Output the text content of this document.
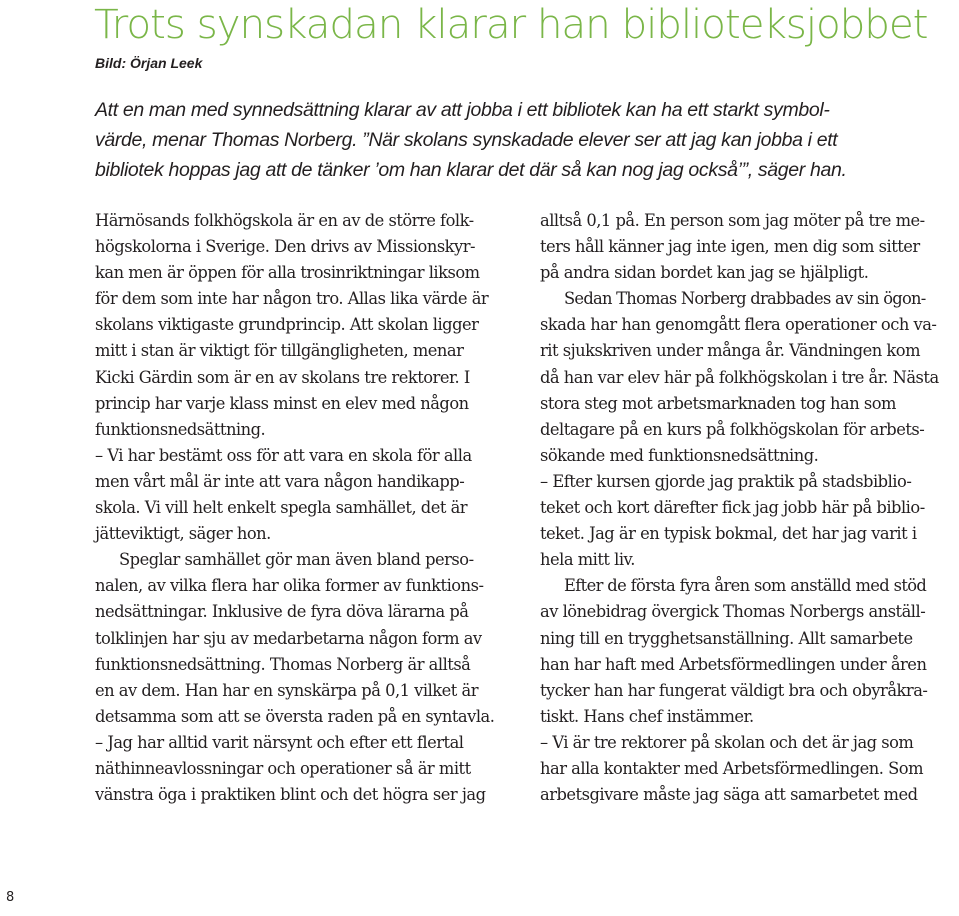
Trots synskadan klarar han biblioteksjobbet
Bild: Örjan Leek
Att en man med synnedsättning klarar av att jobba i ett bibliotek kan ha ett starkt symbol-
värde, menar Thomas Norberg. ”När skolans synskadade elever ser att jag kan jobba i ett
bibliotek hoppas jag att de tänker ’om han klarar det där så kan nog jag också’”, säger han.
Härnösands folkhögskola är en av de större folk-
högskolorna i Sverige. Den drivs av Missionskyr-
kan men är öppen för alla trosinriktningar liksom
för dem som inte har någon tro. Allas lika värde är
skolans viktigaste grundprincip. Att skolan ligger
mitt i stan är viktigt för tillgängligheten, menar
Kicki Gärdin som är en av skolans tre rektorer. I
princip har varje klass minst en elev med någon
funktionsnedsättning.
– Vi har bestämt oss för att vara en skola för alla
men vårt mål är inte att vara någon handikapp-
skola. Vi vill helt enkelt spegla samhället, det är
jätteviktigt, säger hon.
Speglar samhället gör man även bland perso-
nalen, av vilka flera har olika former av funktions-
nedsättningar. Inklusive de fyra döva lärarna på
tolklinjen har sju av medarbetarna någon form av
funktionsnedsättning. Thomas Norberg är alltså
en av dem. Han har en synskärpa på 0,1 vilket är
detsamma som att se översta raden på en syntavla.
– Jag har alltid varit närsynt och efter ett flertal
näthinneavlossningar och operationer så är mitt
vänstra öga i praktiken blint och det högra ser jag
alltså 0,1 på. En person som jag möter på tre me-
ters håll känner jag inte igen, men dig som sitter
på andra sidan bordet kan jag se hjälpligt.
Sedan Thomas Norberg drabbades av sin ögon-
skada har han genomgått flera operationer och va-
rit sjukskriven under många år. Vändningen kom
då han var elev här på folkhögskolan i tre år. Nästa
stora steg mot arbetsmarknaden tog han som
deltagare på en kurs på folkhögskolan för arbets-
sökande med funktionsnedsättning.
– Efter kursen gjorde jag praktik på stadsbiblio-
teket och kort därefter fick jag jobb här på biblio-
teket. Jag är en typisk bokmal, det har jag varit i
hela mitt liv.
Efter de första fyra åren som anställd med stöd
av lönebidrag övergick Thomas Norbergs anställ-
ning till en trygghetsanställning. Allt samarbete
han har haft med Arbetsförmedlingen under åren
tycker han har fungerat väldigt bra och obyråkra-
tiskt. Hans chef instämmer.
– Vi är tre rektorer på skolan och det är jag som
har alla kontakter med Arbetsförmedlingen. Som
arbetsgivare måste jag säga att samarbetet med
8
